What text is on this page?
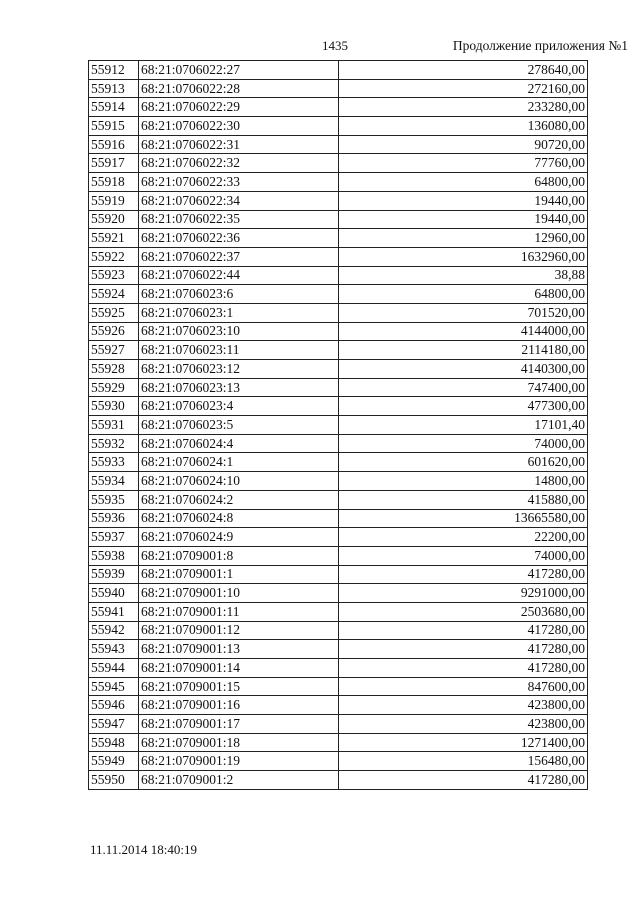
1435	Продолжение приложения №1
55912	68:21:0706022:27	278640,00
55913	68:21:0706022:28	272160,00
55914	68:21:0706022:29	233280,00
55915	68:21:0706022:30	136080,00
55916	68:21:0706022:31	90720,00
55917	68:21:0706022:32	77760,00
55918	68:21:0706022:33	64800,00
55919	68:21:0706022:34	19440,00
55920	68:21:0706022:35	19440,00
55921	68:21:0706022:36	12960,00
55922	68:21:0706022:37	1632960,00
55923	68:21:0706022:44	38,88
55924	68:21:0706023:6	64800,00
55925	68:21:0706023:1	701520,00
55926	68:21:0706023:10	4144000,00
55927	68:21:0706023:11	2114180,00
55928	68:21:0706023:12	4140300,00
55929	68:21:0706023:13	747400,00
55930	68:21:0706023:4	477300,00
55931	68:21:0706023:5	17101,40
55932	68:21:0706024:4	74000,00
55933	68:21:0706024:1	601620,00
55934	68:21:0706024:10	14800,00
55935	68:21:0706024:2	415880,00
55936	68:21:0706024:8	13665580,00
55937	68:21:0706024:9	22200,00
55938	68:21:0709001:8	74000,00
55939	68:21:0709001:1	417280,00
55940	68:21:0709001:10	9291000,00
55941	68:21:0709001:11	2503680,00
55942	68:21:0709001:12	417280,00
55943	68:21:0709001:13	417280,00
55944	68:21:0709001:14	417280,00
55945	68:21:0709001:15	847600,00
55946	68:21:0709001:16	423800,00
55947	68:21:0709001:17	423800,00
55948	68:21:0709001:18	1271400,00
55949	68:21:0709001:19	156480,00
55950	68:21:0709001:2	417280,00
11.11.2014 18:40:19
